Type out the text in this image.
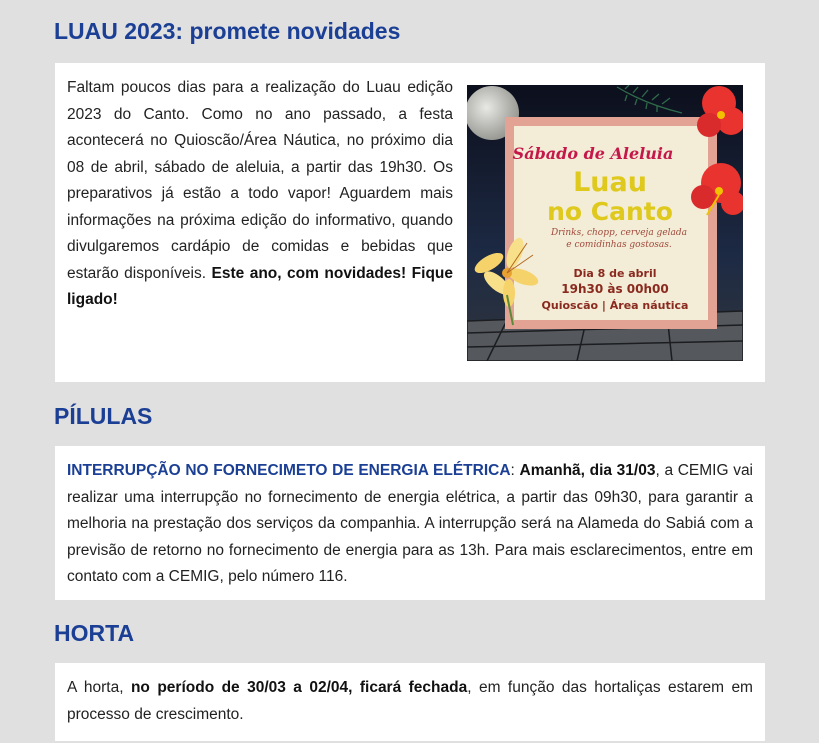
LUAU 2023: promete novidades

Faltam poucos dias para a realização do Luau edição 2023 do Canto. Como no ano passado, a festa acontecerá no Quioscão/Área Náutica, no próximo dia 08 de abril, sábado de aleluia, a partir das 19h30. Os preparativos já estão a todo vapor! Aguardem mais informações na próxima edição do informativo, quando divulgaremos cardápio de comidas e bebidas que estarão disponíveis. Este ano, com novidades! Fique ligado!

Sábado de Aleluia
Luau
no Canto
Drinks, chopp, cerveja gelada
e comidinhas gostosas.
Dia 8 de abril
19h30 às 00h00
Quioscão | Área náutica
PÍLULAS

INTERRUPÇÃO NO FORNECIMETO DE ENERGIA ELÉTRICA: Amanhã, dia 31/03, a CEMIG vai realizar uma interrupção no fornecimento de energia elétrica, a partir das 09h30, para garantir a melhoria na prestação dos serviços da companhia. A interrupção será na Alameda do Sabiá com a previsão de retorno no fornecimento de energia para as 13h. Para mais esclarecimentos, entre em contato com a CEMIG, pelo número 116.

HORTA

A horta, no período de 30/03 a 02/04, ficará fechada, em função das hortaliças estarem em processo de crescimento.
